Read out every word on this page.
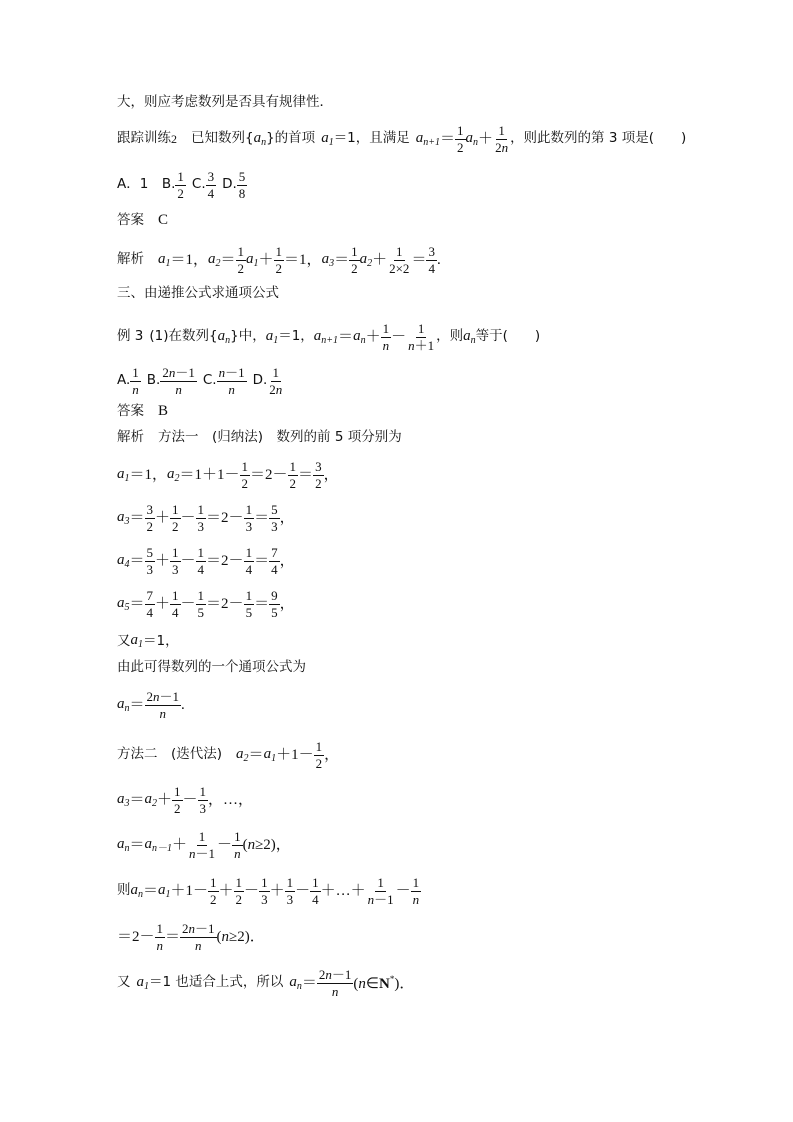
大，则应考虑数列是否具有规律性．
跟踪训练 2 已知数列{ $a_n$ }的首项 $a_1 =1$，且满足 $a_{n+1} = \frac{1}{2} a_n + \frac{1}{2n}$ ，则此数列的第 3 项是(　　)
A．1　B. $\frac{1}{2} C$. $\frac{3}{4} D$. $\frac{5}{8}$
答案 C
解析 $a_1 =1$， $a_2 = \frac{1}{2} a_1 + \frac{1}{2} =1$， $a_3 = \frac{1}{2} a_2 + \frac{1}{2\times 2} = \frac{3}{4}$ .
三、由递推公式求通项公式
例 3 (1)在数列{ $a_n$ }中， $a_1 =1$， $a_{n+1} = a_n + \frac{1}{n} - \frac{1}{n+1}$ ，则 $a_n$ 等于(　　)
A. $\frac{1}{n} B$. $\frac{2n-1}{n} C$. $\frac{n-1}{n} D$. $\frac{1}{2n}$
答案 B
解析 方法一　(归纳法)　数列的前 5 项分别为
$a_1 =1$， $a_2 =1+1- \frac{1}{2} =2- \frac{1}{2} = \frac{3}{2}$ ，
$a_3 = \frac{3}{2} + \frac{1}{2} - \frac{1}{3} =2- \frac{1}{3} = \frac{5}{3}$ ，
$a_4 = \frac{5}{3} + \frac{1}{3} - \frac{1}{4} =2- \frac{1}{4} = \frac{7}{4}$ ，
$a_5 = \frac{7}{4} + \frac{1}{4} - \frac{1}{5} =2- \frac{1}{5} = \frac{9}{5}$ ，
又 $a_1 =1$，
由此可得数列的一个通项公式为
$a_n = \frac{2n-1}{n}$ .
方法二　(迭代法) $a_2 = a_1 +1- \frac{1}{2}$ ，
$a_3 = a_2 + \frac{1}{2} - \frac{1}{3}$ ，…，
$a_n = a_{n-1} + \frac{1}{n-1} - \frac{1}{n} (n\ge 2)$，
则 $a_n = a_1 +1- \frac{1}{2} + \frac{1}{2} - \frac{1}{3} + \frac{1}{3} - \frac{1}{4}$ ＋…＋ $\frac{1}{n-1} - \frac{1}{n}$
$=2- \frac{1}{n} = \frac{2n-1}{n} (n\ge 2)$．
又 $a_1 =1$ 也适合上式，所以 $a_n = \frac{2n-1}{n}$ (n∈N*)．
